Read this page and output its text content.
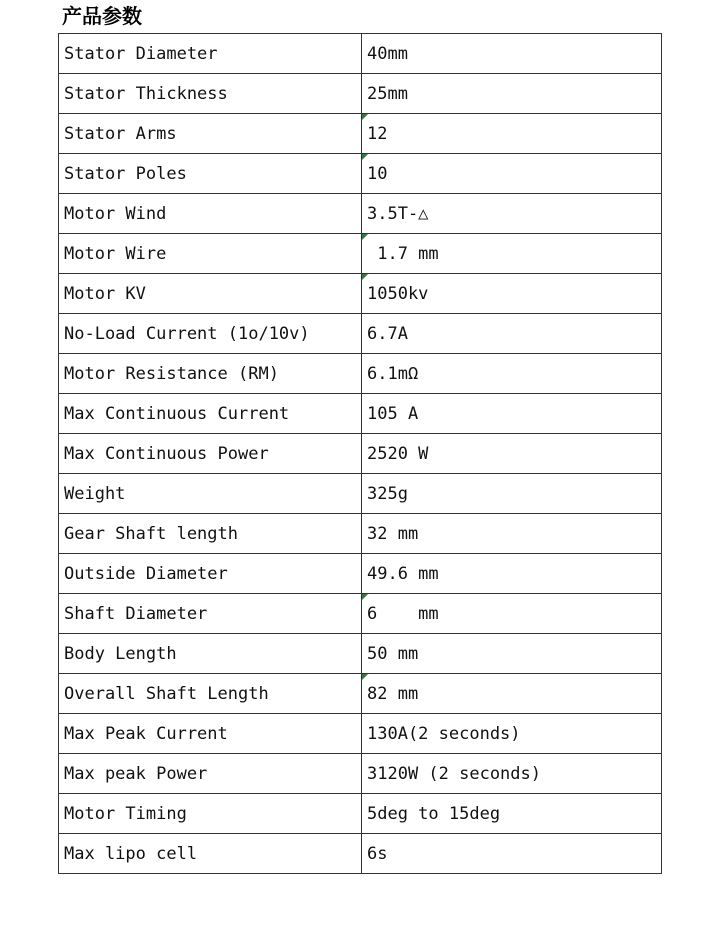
产品参数
Stator Diameter	40mm
Stator Thickness	25mm
Stator Arms	12
Stator Poles	10
Motor Wind	3.5T-△
Motor Wire	1.7 mm
Motor KV	1050kv
No-Load Current (1o/10v)	6.7A
Motor Resistance (RM)	6.1mΩ
Max Continuous Current	105 A
Max Continuous Power	2520 W
Weight	325g
Gear Shaft length	32 mm
Outside Diameter	49.6 mm
Shaft Diameter	6    mm
Body Length	50 mm
Overall Shaft Length	82 mm
Max Peak Current	130A(2 seconds)
Max peak Power	3120W (2 seconds)
Motor Timing	5deg to 15deg
Max lipo cell	6s
